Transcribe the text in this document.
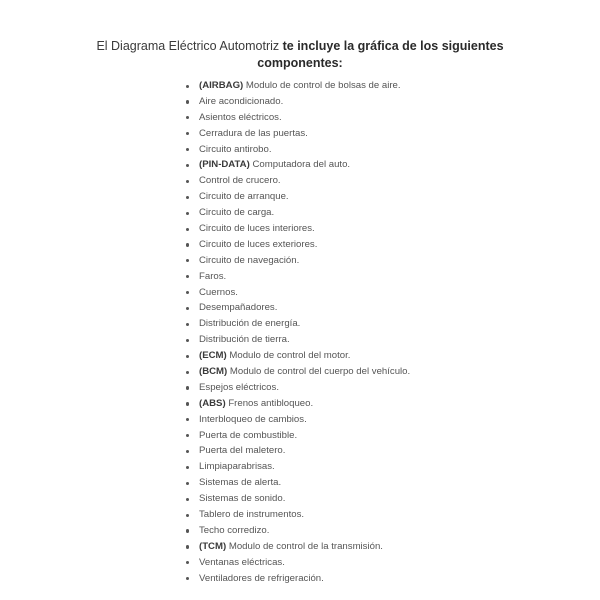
El Diagrama Eléctrico Automotriz te incluye la gráfica de los siguientes
componentes:
(AIRBAG) Modulo de control de bolsas de aire.
Aire acondicionado.
Asientos eléctricos.
Cerradura de las puertas.
Circuito antirobo.
(PIN-DATA) Computadora del auto.
Control de crucero.
Circuito de arranque.
Circuito de carga.
Circuito de luces interiores.
Circuito de luces exteriores.
Circuito de navegación.
Faros.
Cuernos.
Desempañadores.
Distribución de energía.
Distribución de tierra.
(ECM) Modulo de control del motor.
(BCM) Modulo de control del cuerpo del vehículo.
Espejos eléctricos.
(ABS) Frenos antibloqueo.
Interbloqueo de cambios.
Puerta de combustible.
Puerta del maletero.
Limpiaparabrisas.
Sistemas de alerta.
Sistemas de sonido.
Tablero de instrumentos.
Techo corredizo.
(TCM) Modulo de control de la transmisión.
Ventanas eléctricas.
Ventiladores de refrigeración.
